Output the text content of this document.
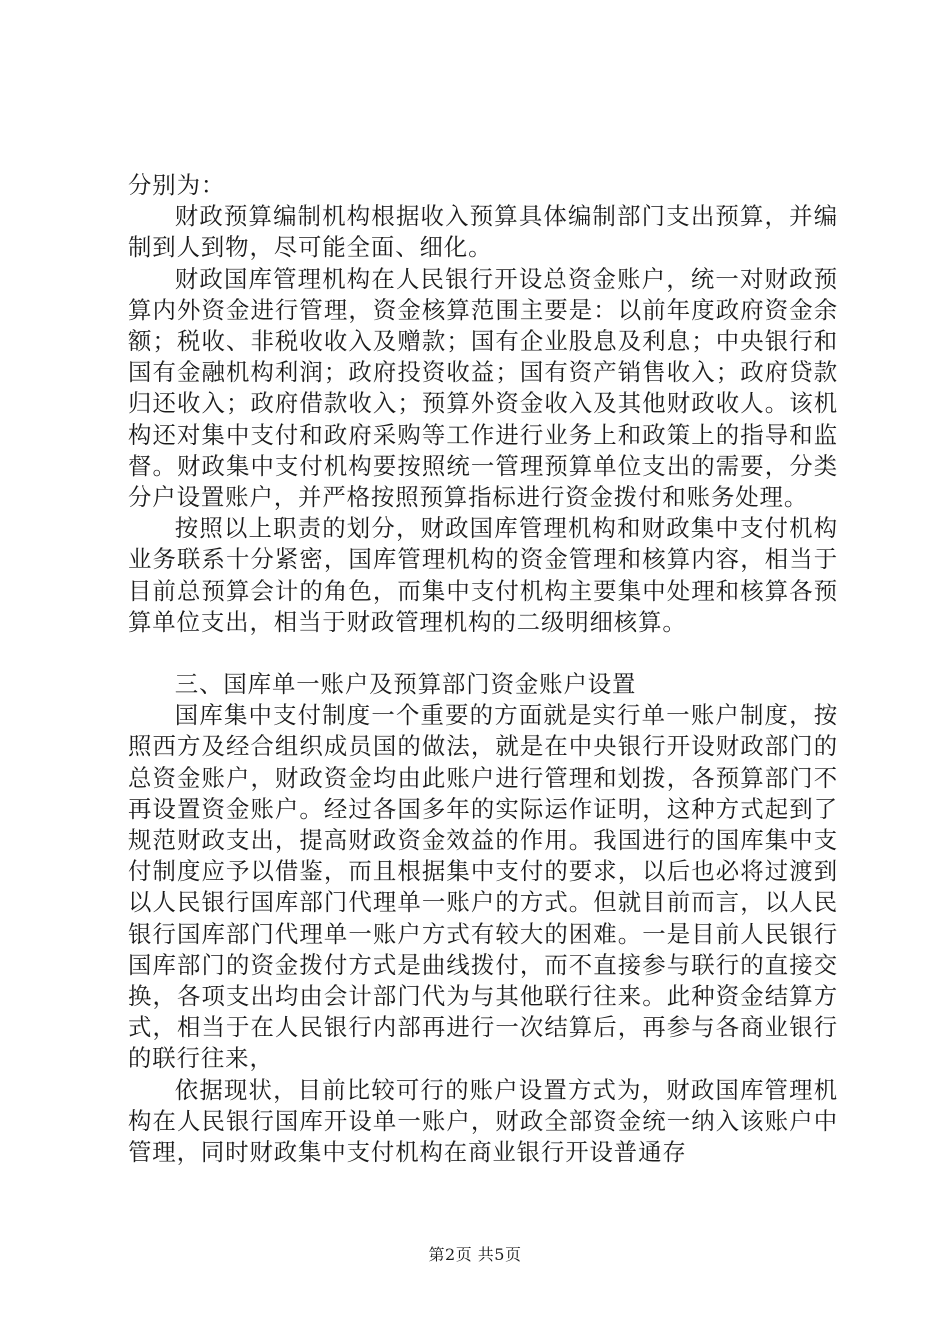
分别为：

财政预算编制机构根据收入预算具体编制部门支出预算，并编制到人到物，尽可能全面、细化。

财政国库管理机构在人民银行开设总资金账户，统一对财政预算内外资金进行管理，资金核算范围主要是：以前年度政府资金余额；税收、非税收收入及赠款；国有企业股息及利息；中央银行和国有金融机构利润；政府投资收益；国有资产销售收入；政府贷款归还收入；政府借款收入；预算外资金收入及其他财政收人。该机构还对集中支付和政府采购等工作进行业务上和政策上的指导和监督。财政集中支付机构要按照统一管理预算单位支出的需要，分类分户设置账户，并严格按照预算指标进行资金拨付和账务处理。

按照以上职责的划分，财政国库管理机构和财政集中支付机构业务联系十分紧密，国库管理机构的资金管理和核算内容，相当于目前总预算会计的角色，而集中支付机构主要集中处理和核算各预算单位支出，相当于财政管理机构的二级明细核算。

三、国库单一账户及预算部门资金账户设置

国库集中支付制度一个重要的方面就是实行单一账户制度，按照西方及经合组织成员国的做法，就是在中央银行开设财政部门的总资金账户，财政资金均由此账户进行管理和划拨，各预算部门不再设置资金账户。经过各国多年的实际运作证明，这种方式起到了规范财政支出，提高财政资金效益的作用。我国进行的国库集中支付制度应予以借鉴，而且根据集中支付的要求，以后也必将过渡到以人民银行国库部门代理单一账户的方式。但就目前而言，以人民银行国库部门代理单一账户方式有较大的困难。一是目前人民银行国库部门的资金拨付方式是曲线拨付，而不直接参与联行的直接交换，各项支出均由会计部门代为与其他联行往来。此种资金结算方式，相当于在人民银行内部再进行一次结算后，再参与各商业银行的联行往来，

依据现状，目前比较可行的账户设置方式为，财政国库管理机构在人民银行国库开设单一账户，财政全部资金统一纳入该账户中管理，同时财政集中支付机构在商业银行开设普通存

第2页 共5页
